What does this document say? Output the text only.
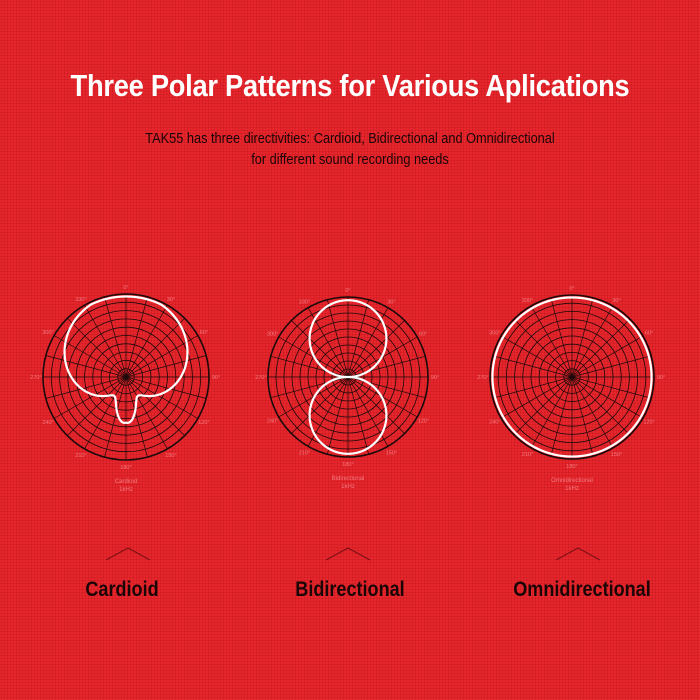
Three Polar Patterns for Various Aplications
TAK55 has three directivities: Cardioid, Bidirectional and Omnidirectional
for different sound recording needs
0°
30°
60°
90°
120°
150°
180°
210°
240°
270°
300°
330°
Cardioid
1kHz
0°
30°
60°
90°
120°
150°
180°
210°
240°
270°
300°
330°
Bidirectional
1kHz
0°
30°
60°
90°
120°
150°
180°
210°
240°
270°
300°
330°
Omnidirectional
1kHz
Cardioid	Bidirectional	Omnidirectional
